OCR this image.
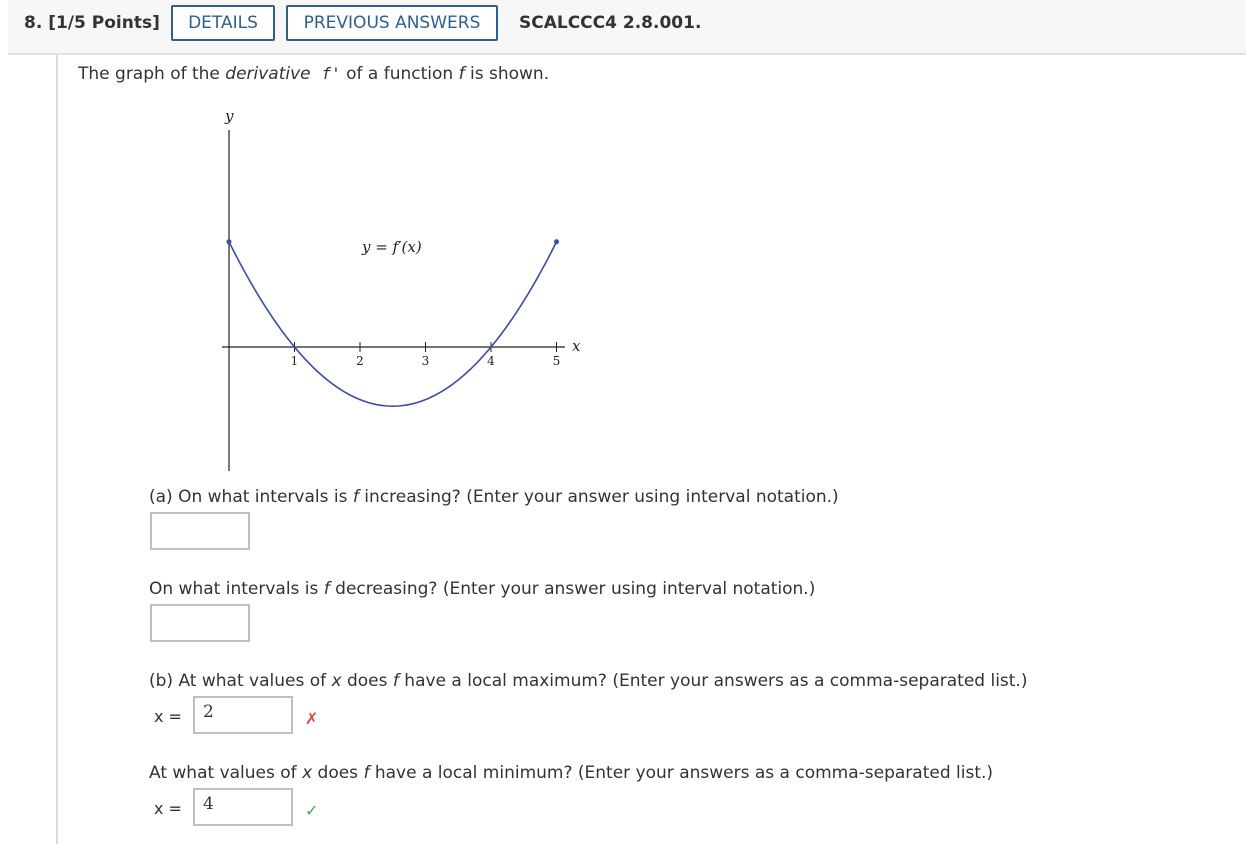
8. [1/5 Points]	DETAILS	PREVIOUS ANSWERS	SCALCCC4 2.8.001.
The graph of the derivative f' of a function f is shown.
y
x
y = f′(x)
1	2	3	4	5
(a) On what intervals is f increasing? (Enter your answer using interval notation.)
On what intervals is f decreasing? (Enter your answer using interval notation.)
(b) At what values of x does f have a local maximum? (Enter your answers as a comma-separated list.)
x =	2	✗
At what values of x does f have a local minimum? (Enter your answers as a comma-separated list.)
x =	4	✓
